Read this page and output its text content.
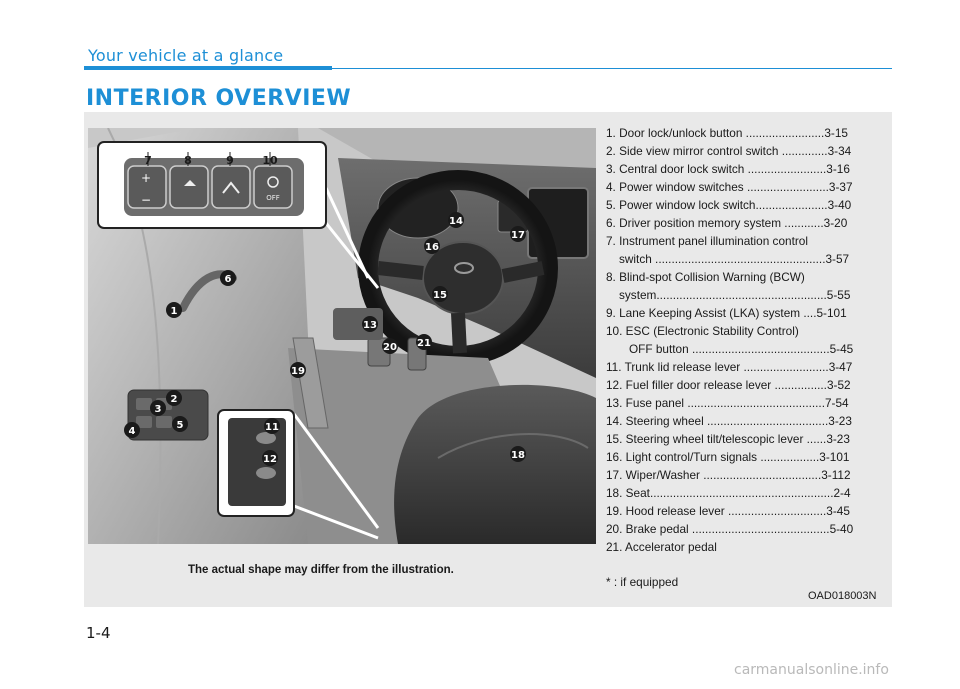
Your vehicle at a glance
INTERIOR OVERVIEW
+
−	OFF
1
2
3
4
5
6
7	8	9	10
11
12
13
14
15
16
17
18
19
20 21
The actual shape may differ from the illustration.
1. Door lock/unlock button ........................3-15
2. Side view mirror control switch ..............3-34
3. Central door lock switch ........................3-16
4. Power window switches .........................3-37
5. Power window lock switch......................3-40
6. Driver position memory system ............3-20
7. Instrument panel illumination control
switch ....................................................3-57
8. Blind-spot Collision Warning (BCW)
system....................................................5-55
9. Lane Keeping Assist (LKA) system ....5-101
10. ESC (Electronic Stability Control)
OFF button ..........................................5-45
11. Trunk lid release lever ..........................3-47
12. Fuel filler door release lever ................3-52
13. Fuse panel ..........................................7-54
14. Steering wheel .....................................3-23
15. Steering wheel tilt/telescopic lever ......3-23
16. Light control/Turn signals ..................3-101
17. Wiper/Washer ....................................3-112
18. Seat........................................................2-4
19. Hood release lever ..............................3-45
20. Brake pedal ..........................................5-40
21. Accelerator pedal
* : if equipped
OAD018003N
1-4
carmanualsonline.info
